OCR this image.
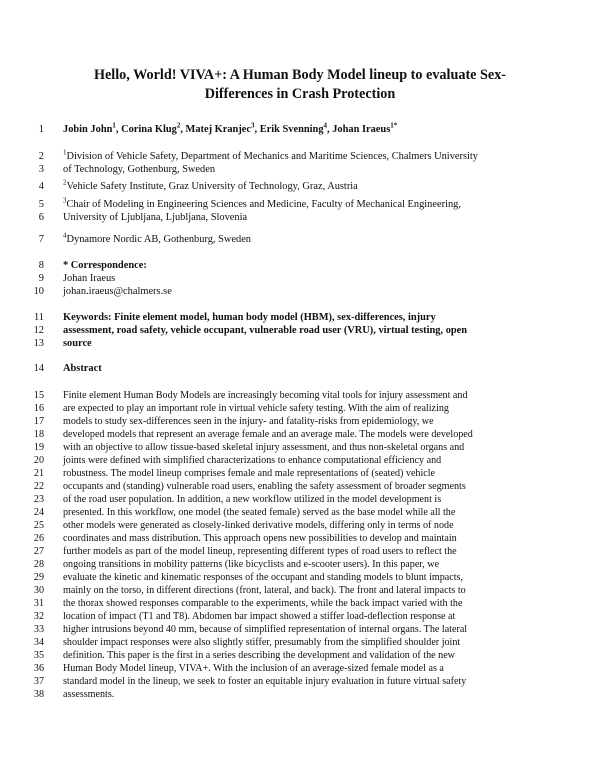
Hello, World! VIVA+: A Human Body Model lineup to evaluate Sex-
Differences in Crash Protection
1 Jobin John$^1$, Corina Klug$^2$, Matej Kranjec$^3$, Erik Svenning$^4$, Johan Iraeus$^{1*}$
2	$^1$Division of Vehicle Safety, Department of Mechanics and Maritime Sciences, Chalmers University
3 of Technology, Gothenburg, Sweden
4	$^2$Vehicle Safety Institute, Graz University of Technology, Graz, Austria
5	$^3$Chair of Modeling in Engineering Sciences and Medicine, Faculty of Mechanical Engineering,
6 University of Ljubljana, Ljubljana, Slovenia
7	$^4$Dynamore Nordic AB, Gothenburg, Sweden
8 * Correspondence:
9 Johan Iraeus
10 johan.iraeus@chalmers.se
11 Keywords: Finite element model, human body model (HBM), sex-differences, injury
12 assessment, road safety, vehicle occupant, vulnerable road user (VRU), virtual testing, open
13 source
14 Abstract
15 Finite element Human Body Models are increasingly becoming vital tools for injury assessment and
16 are expected to play an important role in virtual vehicle safety testing. With the aim of realizing
17 models to study sex-differences seen in the injury- and fatality-risks from epidemiology, we
18 developed models that represent an average female and an average male. The models were developed
19 with an objective to allow tissue-based skeletal injury assessment, and thus non-skeletal organs and
20 joints were defined with simplified characterizations to enhance computational efficiency and
21 robustness. The model lineup comprises female and male representations of (seated) vehicle
22 occupants and (standing) vulnerable road users, enabling the safety assessment of broader segments
23 of the road user population. In addition, a new workflow utilized in the model development is
24 presented. In this workflow, one model (the seated female) served as the base model while all the
25 other models were generated as closely-linked derivative models, differing only in terms of node
26 coordinates and mass distribution. This approach opens new possibilities to develop and maintain
27 further models as part of the model lineup, representing different types of road users to reflect the
28 ongoing transitions in mobility patterns (like bicyclists and e-scooter users). In this paper, we
29 evaluate the kinetic and kinematic responses of the occupant and standing models to blunt impacts,
30 mainly on the torso, in different directions (front, lateral, and back). The front and lateral impacts to
31 the thorax showed responses comparable to the experiments, while the back impact varied with the
32 location of impact (T1 and T8). Abdomen bar impact showed a stiffer load-deflection response at
33 higher intrusions beyond 40 mm, because of simplified representation of internal organs. The lateral
34 shoulder impact responses were also slightly stiffer, presumably from the simplified shoulder joint
35 definition. This paper is the first in a series describing the development and validation of the new
36 Human Body Model lineup, VIVA+. With the inclusion of an average-sized female model as a
37 standard model in the lineup, we seek to foster an equitable injury evaluation in future virtual safety
38 assessments.
